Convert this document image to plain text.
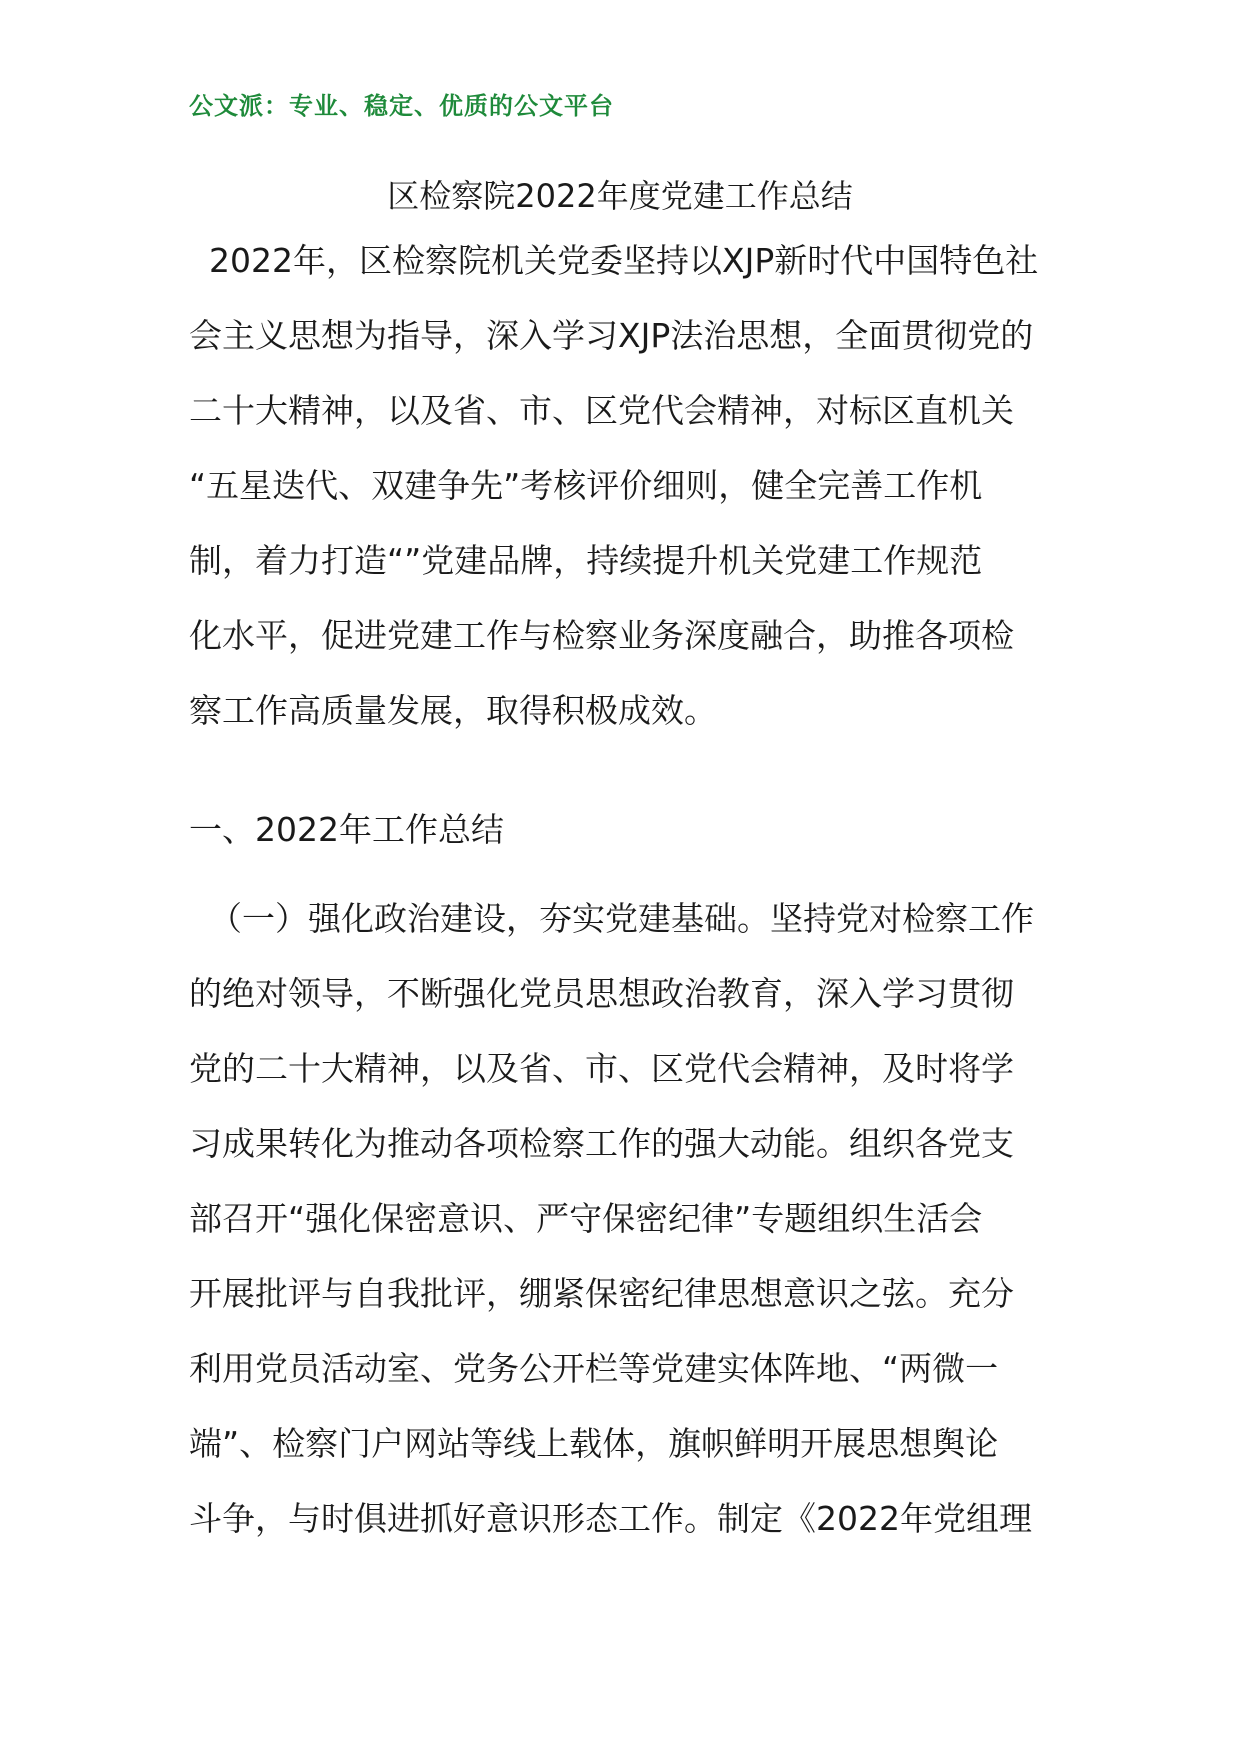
公文派：专业、稳定、优质的公文平台
区检察院2022年度党建工作总结
2022年，区检察院机关党委坚持以XJP新时代中国特色社
会主义思想为指导，深入学习XJP法治思想，全面贯彻党的
二十大精神，以及省、市、区党代会精神，对标区直机关
“五星迭代、双建争先”考核评价细则，健全完善工作机
制，着力打造“”党建品牌，持续提升机关党建工作规范
化水平，促进党建工作与检察业务深度融合，助推各项检
察工作高质量发展，取得积极成效。
一、2022年工作总结
（一）强化政治建设，夯实党建基础。坚持党对检察工作
的绝对领导，不断强化党员思想政治教育，深入学习贯彻
党的二十大精神，以及省、市、区党代会精神，及时将学
习成果转化为推动各项检察工作的强大动能。组织各党支
部召开“强化保密意识、严守保密纪律”专题组织生活会
开展批评与自我批评，绷紧保密纪律思想意识之弦。充分
利用党员活动室、党务公开栏等党建实体阵地、“两微一
端”、检察门户网站等线上载体，旗帜鲜明开展思想舆论
斗争，与时俱进抓好意识形态工作。制定《2022年党组理
